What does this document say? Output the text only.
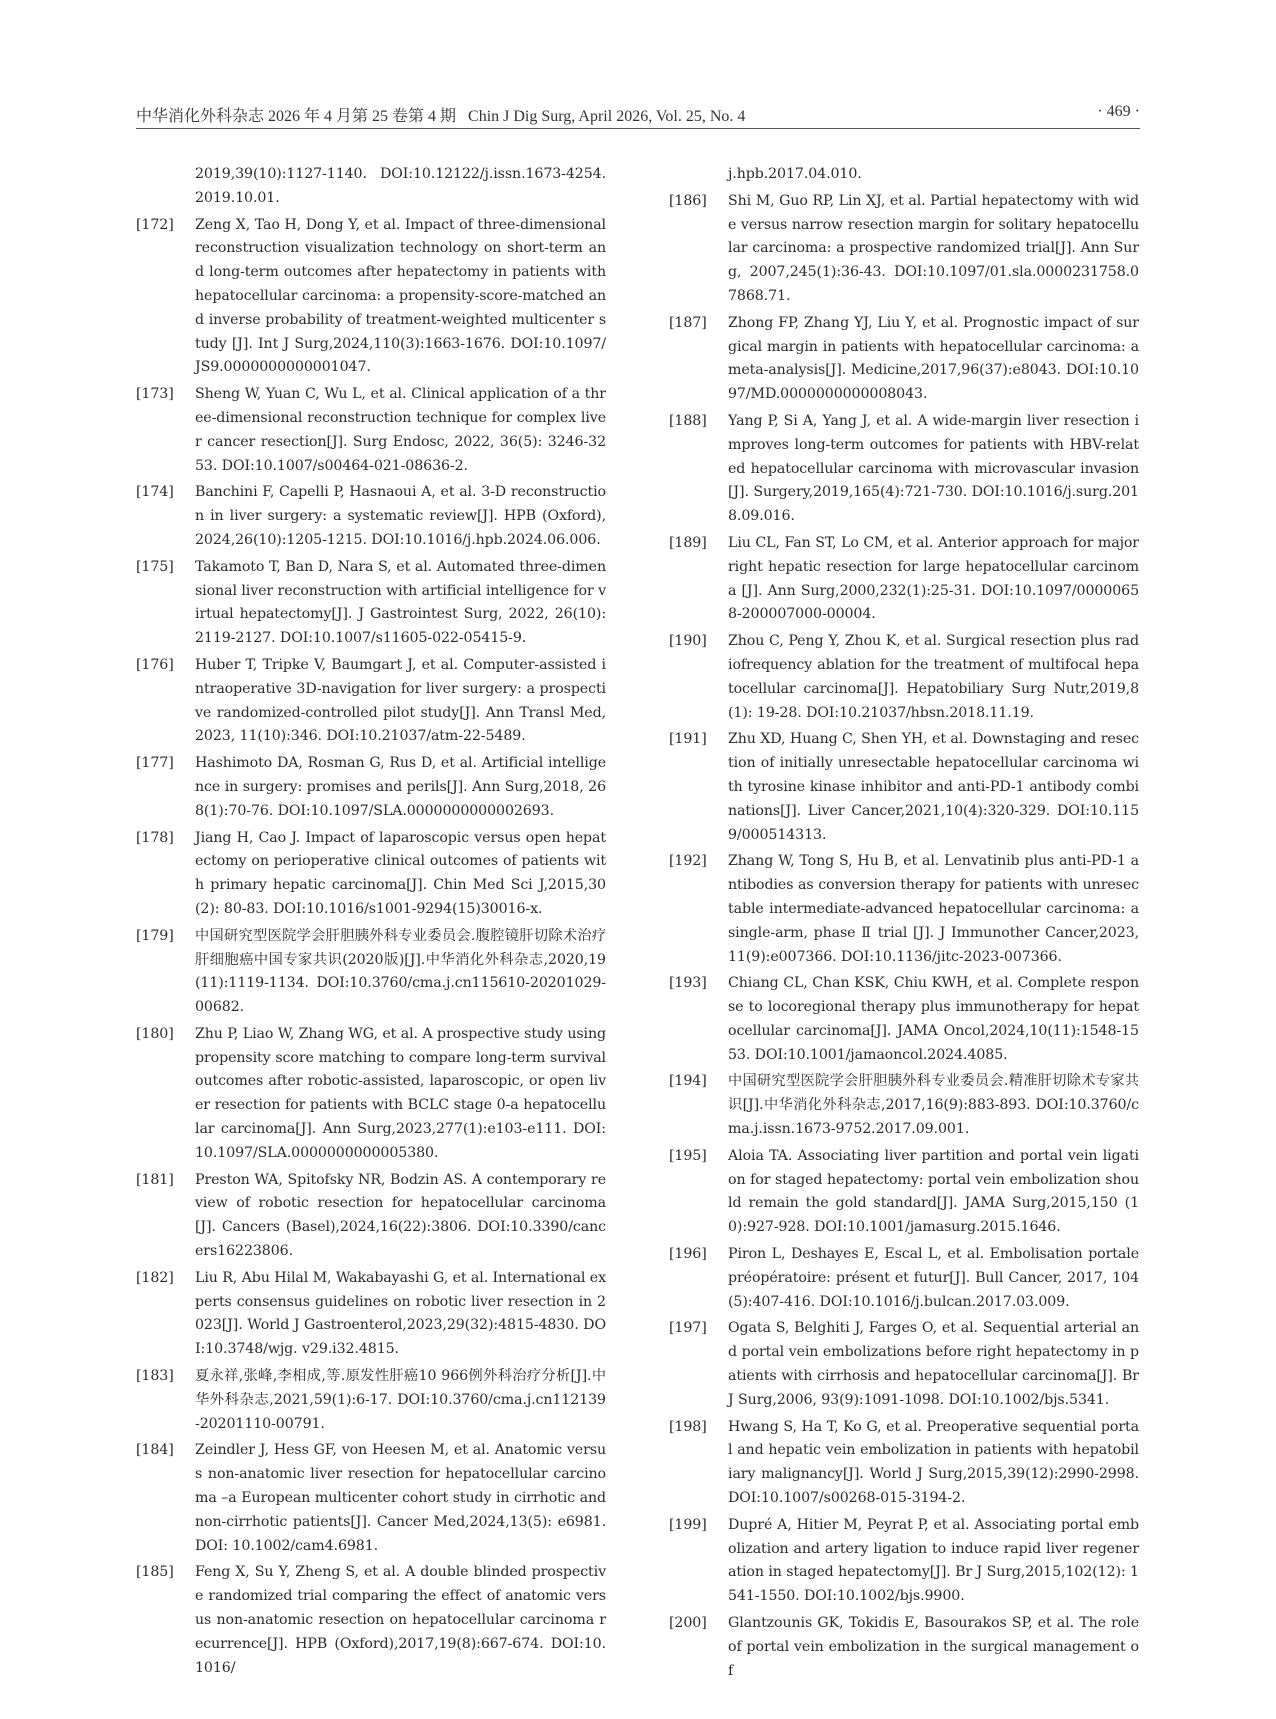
中华消化外科杂志 2026 年 4 月第 25 卷第 4 期 Chin J Dig Surg, April 2026, Vol. 25, No. 4	· 469 ·
2019,39(10):1127-1140. DOI:10.12122/j.issn.1673-4254.2019.10.01.
[172]	Zeng X, Tao H, Dong Y, et al. Impact of three-dimensional reconstruction visualization technology on short-term and long-term outcomes after hepatectomy in patients with hepatocellular carcinoma: a propensity-score-matched and inverse probability of treatment-weighted multicenter study [J]. Int J Surg,2024,110(3):1663-1676. DOI:10.1097/JS9.0000000000001047.
[173]	Sheng W, Yuan C, Wu L, et al. Clinical application of a three-dimensional reconstruction technique for complex liver cancer resection[J]. Surg Endosc, 2022, 36(5): 3246-3253. DOI:10.1007/s00464-021-08636-2.
[174]	Banchini F, Capelli P, Hasnaoui A, et al. 3-D reconstruction in liver surgery: a systematic review[J]. HPB (Oxford), 2024,26(10):1205-1215. DOI:10.1016/j.hpb.2024.06.006.
[175]	Takamoto T, Ban D, Nara S, et al. Automated three-dimensional liver reconstruction with artificial intelligence for virtual hepatectomy[J]. J Gastrointest Surg, 2022, 26(10): 2119-2127. DOI:10.1007/s11605-022-05415-9.
[176]	Huber T, Tripke V, Baumgart J, et al. Computer-assisted intraoperative 3D-navigation for liver surgery: a prospective randomized-controlled pilot study[J]. Ann Transl Med, 2023, 11(10):346. DOI:10.21037/atm-22-5489.
[177]	Hashimoto DA, Rosman G, Rus D, et al. Artificial intelligence in surgery: promises and perils[J]. Ann Surg,2018, 268(1):70-76. DOI:10.1097/SLA.0000000000002693.
[178]	Jiang H, Cao J. Impact of laparoscopic versus open hepatectomy on perioperative clinical outcomes of patients with primary hepatic carcinoma[J]. Chin Med Sci J,2015,30(2): 80-83. DOI:10.1016/s1001-9294(15)30016-x.
[179]	中国研究型医院学会肝胆胰外科专业委员会.腹腔镜肝切除术治疗肝细胞癌中国专家共识(2020版)[J].中华消化外科杂志,2020,19(11):1119-1134. DOI:10.3760/cma.j.cn115610-20201029-00682.
[180]	Zhu P, Liao W, Zhang WG, et al. A prospective study using propensity score matching to compare long-term survival outcomes after robotic-assisted, laparoscopic, or open liver resection for patients with BCLC stage 0-a hepatocellular carcinoma[J]. Ann Surg,2023,277(1):e103-e111. DOI:10.1097/SLA.0000000000005380.
[181]	Preston WA, Spitofsky NR, Bodzin AS. A contemporary review of robotic resection for hepatocellular carcinoma [J]. Cancers (Basel),2024,16(22):3806. DOI:10.3390/cancers16223806.
[182]	Liu R, Abu Hilal M, Wakabayashi G, et al. International experts consensus guidelines on robotic liver resection in 2023[J]. World J Gastroenterol,2023,29(32):4815-4830. DOI:10.3748/wjg. v29.i32.4815.
[183]	夏永祥,张峰,李相成,等.原发性肝癌10 966例外科治疗分析[J].中华外科杂志,2021,59(1):6-17. DOI:10.3760/cma.j.cn112139-20201110-00791.
[184]	Zeindler J, Hess GF, von Heesen M, et al. Anatomic versus non-anatomic liver resection for hepatocellular carcinoma –a European multicenter cohort study in cirrhotic and non-cirrhotic patients[J]. Cancer Med,2024,13(5): e6981. DOI: 10.1002/cam4.6981.
[185]	Feng X, Su Y, Zheng S, et al. A double blinded prospective randomized trial comparing the effect of anatomic versus non-anatomic resection on hepatocellular carcinoma recurrence[J]. HPB (Oxford),2017,19(8):667-674. DOI:10.1016/
j.hpb.2017.04.010.
[186]	Shi M, Guo RP, Lin XJ, et al. Partial hepatectomy with wide versus narrow resection margin for solitary hepatocellular carcinoma: a prospective randomized trial[J]. Ann Surg, 2007,245(1):36-43. DOI:10.1097/01.sla.0000231758.07868.71.
[187]	Zhong FP, Zhang YJ, Liu Y, et al. Prognostic impact of surgical margin in patients with hepatocellular carcinoma: a meta-analysis[J]. Medicine,2017,96(37):e8043. DOI:10.1097/MD.0000000000008043.
[188]	Yang P, Si A, Yang J, et al. A wide-margin liver resection improves long-term outcomes for patients with HBV-related hepatocellular carcinoma with microvascular invasion[J]. Surgery,2019,165(4):721-730. DOI:10.1016/j.surg.2018.09.016.
[189]	Liu CL, Fan ST, Lo CM, et al. Anterior approach for major right hepatic resection for large hepatocellular carcinoma [J]. Ann Surg,2000,232(1):25-31. DOI:10.1097/00000658-200007000-00004.
[190]	Zhou C, Peng Y, Zhou K, et al. Surgical resection plus radiofrequency ablation for the treatment of multifocal hepatocellular carcinoma[J]. Hepatobiliary Surg Nutr,2019,8(1): 19-28. DOI:10.21037/hbsn.2018.11.19.
[191]	Zhu XD, Huang C, Shen YH, et al. Downstaging and resection of initially unresectable hepatocellular carcinoma with tyrosine kinase inhibitor and anti-PD-1 antibody combinations[J]. Liver Cancer,2021,10(4):320-329. DOI:10.1159/000514313.
[192]	Zhang W, Tong S, Hu B, et al. Lenvatinib plus anti-PD-1 antibodies as conversion therapy for patients with unresectable intermediate-advanced hepatocellular carcinoma: a single-arm, phase Ⅱ trial [J]. J Immunother Cancer,2023, 11(9):e007366. DOI:10.1136/jitc-2023-007366.
[193]	Chiang CL, Chan KSK, Chiu KWH, et al. Complete response to locoregional therapy plus immunotherapy for hepatocellular carcinoma[J]. JAMA Oncol,2024,10(11):1548-1553. DOI:10.1001/jamaoncol.2024.4085.
[194]	中国研究型医院学会肝胆胰外科专业委员会.精准肝切除术专家共识[J].中华消化外科杂志,2017,16(9):883-893. DOI:10.3760/cma.j.issn.1673-9752.2017.09.001.
[195]	Aloia TA. Associating liver partition and portal vein ligation for staged hepatectomy: portal vein embolization should remain the gold standard[J]. JAMA Surg,2015,150 (10):927-928. DOI:10.1001/jamasurg.2015.1646.
[196]	Piron L, Deshayes E, Escal L, et al. Embolisation portale préopératoire: présent et futur[J]. Bull Cancer, 2017, 104 (5):407-416. DOI:10.1016/j.bulcan.2017.03.009.
[197]	Ogata S, Belghiti J, Farges O, et al. Sequential arterial and portal vein embolizations before right hepatectomy in patients with cirrhosis and hepatocellular carcinoma[J]. Br J Surg,2006, 93(9):1091-1098. DOI:10.1002/bjs.5341.
[198]	Hwang S, Ha T, Ko G, et al. Preoperative sequential portal and hepatic vein embolization in patients with hepatobiliary malignancy[J]. World J Surg,2015,39(12):2990-2998. DOI:10.1007/s00268-015-3194-2.
[199]	Dupré A, Hitier M, Peyrat P, et al. Associating portal embolization and artery ligation to induce rapid liver regeneration in staged hepatectomy[J]. Br J Surg,2015,102(12): 1541-1550. DOI:10.1002/bjs.9900.
[200]	Glantzounis GK, Tokidis E, Basourakos SP, et al. The role of portal vein embolization in the surgical management of
